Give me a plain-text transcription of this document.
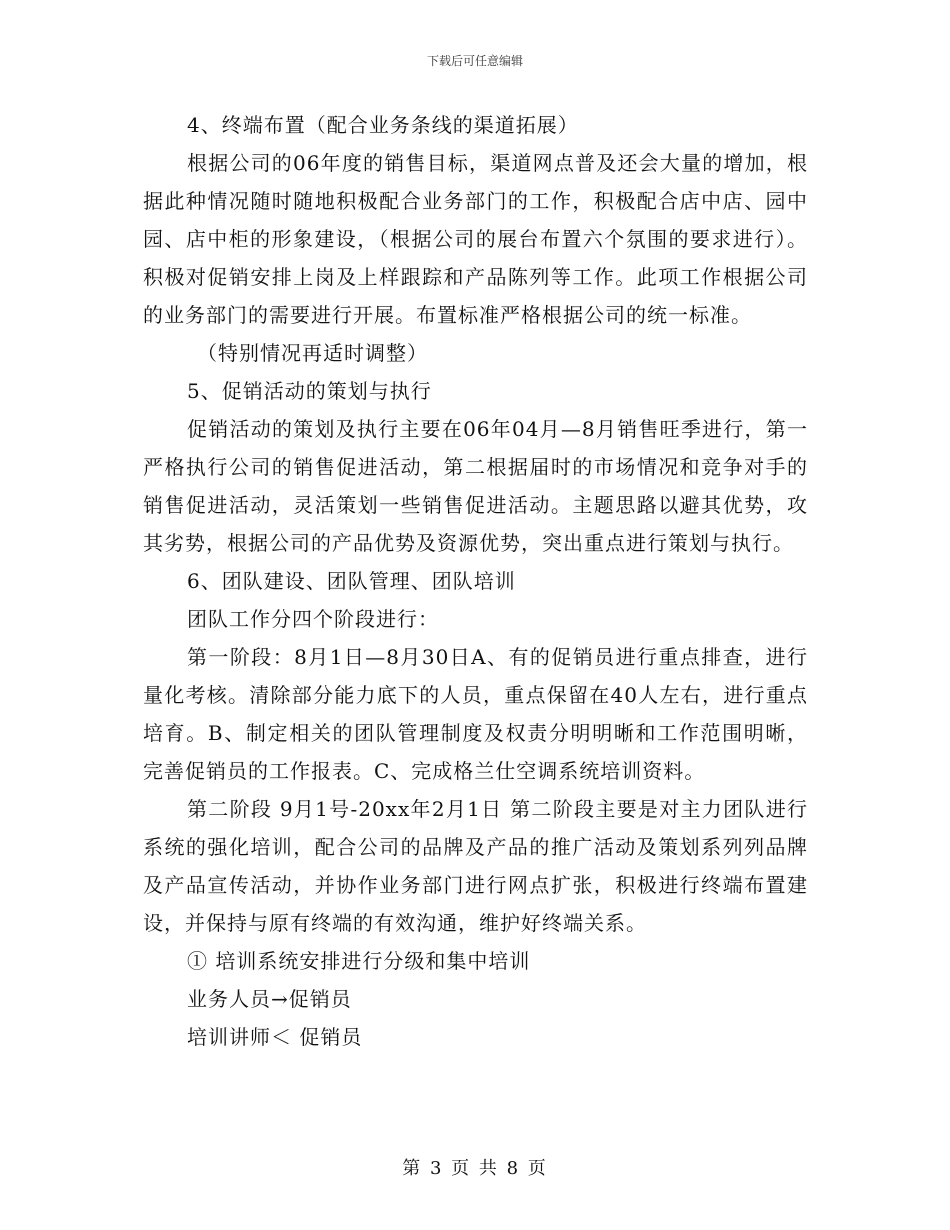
下载后可任意编辑

4、终端布置（配合业务条线的渠道拓展）

根据公司的06年度的销售目标，渠道网点普及还会大量的增加，根据此种情况随时随地积极配合业务部门的工作，积极配合店中店、园中园、店中柜的形象建设，（根据公司的展台布置六个氛围的要求进行）。积极对促销安排上岗及上样跟踪和产品陈列等工作。此项工作根据公司的业务部门的需要进行开展。布置标准严格根据公司的统一标准。

（特别情况再适时调整）

5、促销活动的策划与执行

促销活动的策划及执行主要在06年04月—8月销售旺季进行，第一严格执行公司的销售促进活动，第二根据届时的市场情况和竞争对手的销售促进活动，灵活策划一些销售促进活动。主题思路以避其优势，攻其劣势，根据公司的产品优势及资源优势，突出重点进行策划与执行。

6、团队建设、团队管理、团队培训

团队工作分四个阶段进行：

第一阶段：8月1日—8月30日A、有的促销员进行重点排查，进行量化考核。清除部分能力底下的人员，重点保留在40人左右，进行重点培育。B、制定相关的团队管理制度及权责分明明晰和工作范围明晰，完善促销员的工作报表。C、完成格兰仕空调系统培训资料。

第二阶段 9月1号-20xx年2月1日 第二阶段主要是对主力团队进行系统的强化培训，配合公司的品牌及产品的推广活动及策划系列列品牌及产品宣传活动，并协作业务部门进行网点扩张，积极进行终端布置建设，并保持与原有终端的有效沟通，维护好终端关系。

① 培训系统安排进行分级和集中培训

业务人员→促销员

培训讲师＜ 促销员

第 3 页 共 8 页
